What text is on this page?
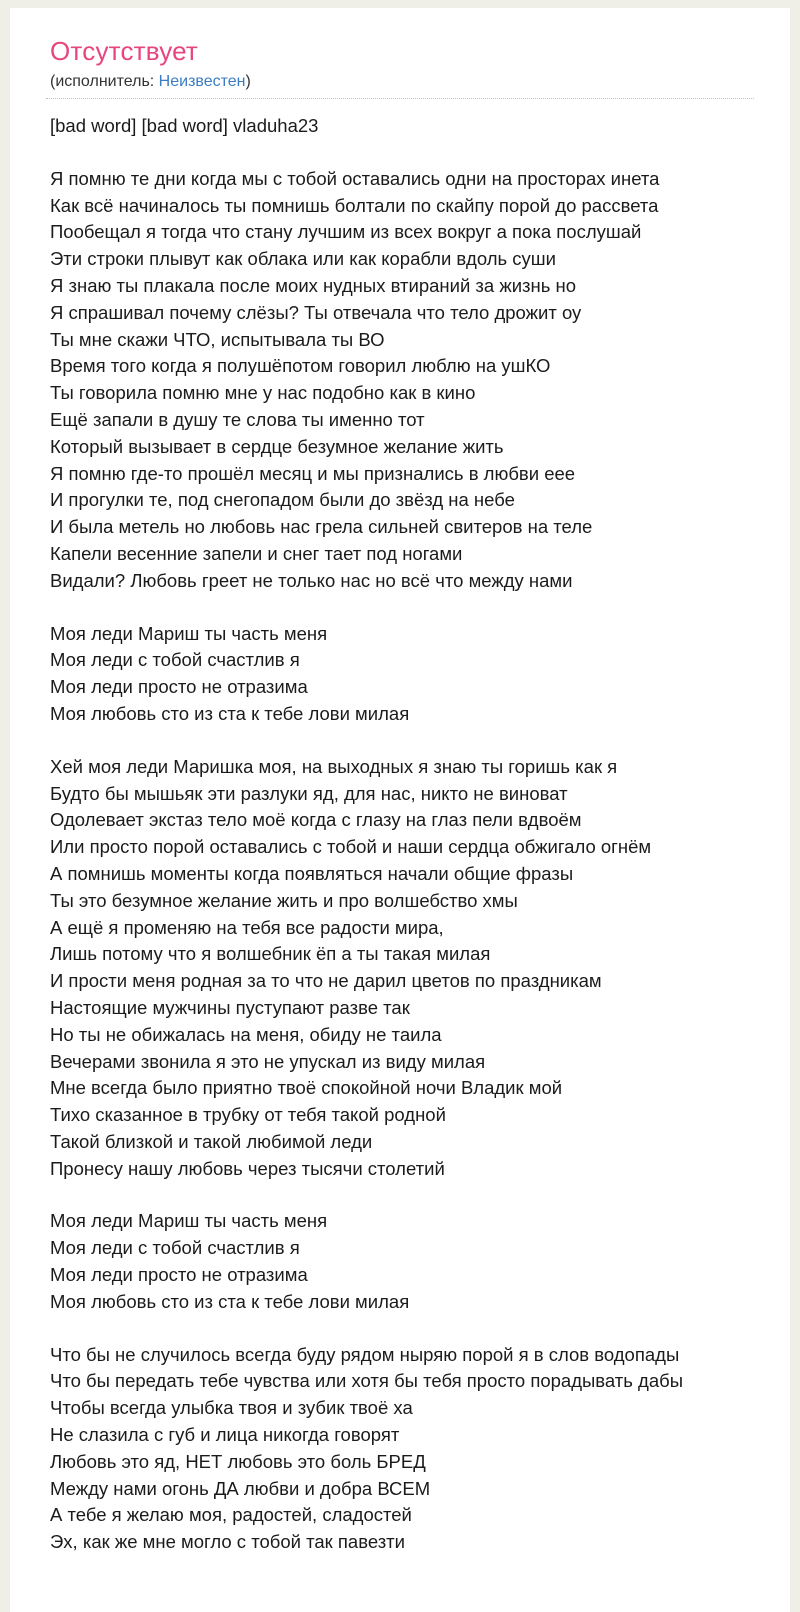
Отсутствует
(исполнитель: Неизвестен)
[bad word] [bad word] vladuha23
Я помню те дни когда мы с тобой оставались одни на просторах инета
Как всё начиналось ты помнишь болтали по скайпу порой до рассвета
Пообещал я тогда что стану лучшим из всех вокруг а пока послушай
Эти строки плывут как облака или как корабли вдоль суши
Я знаю ты плакала после моих нудных втираний за жизнь но
Я спрашивал почему слёзы? Ты отвечала что тело дрожит оу
Ты мне скажи ЧТО, испытывала ты ВО
Время того когда я полушёпотом говорил люблю на ушКО
Ты говорила помню мне у нас подобно как в кино
Ещё запали в душу те слова ты именно тот
Который вызывает в сердце безумное желание жить
Я помню где-то прошёл месяц и мы признались в любви еее
И прогулки те, под снегопадом были до звёзд на небе
И была метель но любовь нас грела сильней свитеров на теле
Капели весенние запели и снег тает под ногами
Видали? Любовь греет не только нас но всё что между нами
Моя леди Мариш ты часть меня
Моя леди с тобой счастлив я
Моя леди просто не отразима
Моя любовь сто из ста к тебе лови милая
Хей моя леди Маришка моя, на выходных я знаю ты горишь как я
Будто бы мышьяк эти разлуки яд, для нас, никто не виноват
Одолевает экстаз тело моё когда с глазу на глаз пели вдвоём
Или просто порой оставались с тобой и наши сердца обжигало огнём
А помнишь моменты когда появляться начали общие фразы
Ты это безумное желание жить и про волшебство хмы
А ещё я променяю на тебя все радости мира,
Лишь потому что я волшебник ёп а ты такая милая
И прости меня родная за то что не дарил цветов по праздникам
Настоящие мужчины пуступают разве так
Но ты не обижалась на меня, обиду не таила
Вечерами звонила я это не упускал из виду милая
Мне всегда было приятно твоё спокойной ночи Владик мой
Тихо сказанное в трубку от тебя такой родной
Такой близкой и такой любимой леди
Пронесу нашу любовь через тысячи столетий
Моя леди Мариш ты часть меня
Моя леди с тобой счастлив я
Моя леди просто не отразима
Моя любовь сто из ста к тебе лови милая
Что бы не случилось всегда буду рядом ныряю порой я в слов водопады
Что бы передать тебе чувства или хотя бы тебя просто порадывать дабы
Чтобы всегда улыбка твоя и зубик твоё ха
Не слазила с губ и лица никогда говорят
Любовь это яд, НЕТ любовь это боль БРЕД
Между нами огонь ДА любви и добра ВСЕМ
А тебе я желаю моя, радостей, сладостей
Эх, как же мне могло с тобой так павезти
